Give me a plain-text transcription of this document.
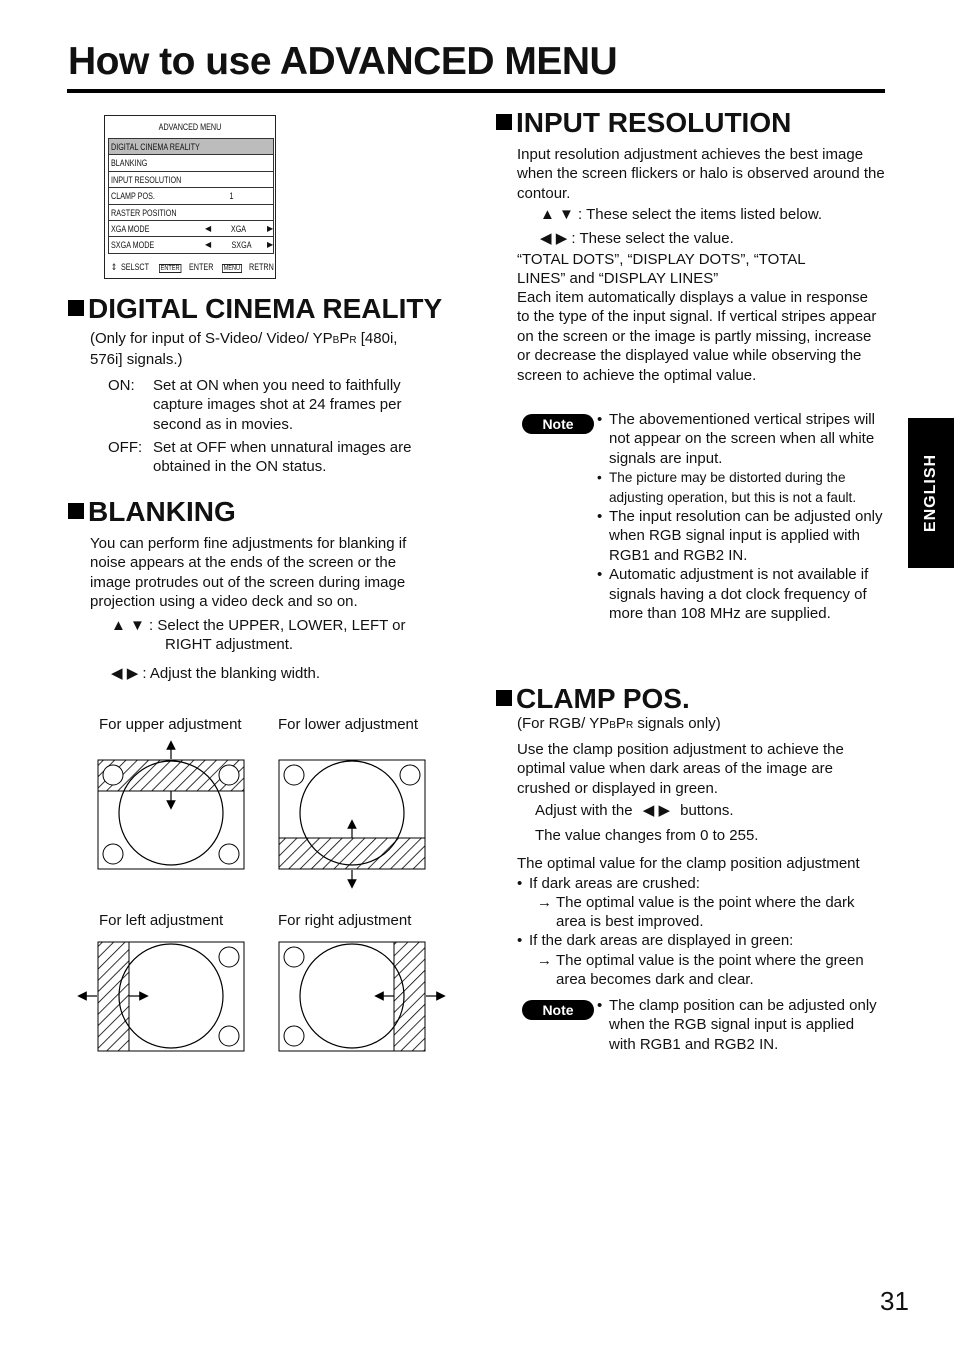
How to use ADVANCED MENU
ADVANCED MENU
DIGITAL CINEMA REALITY
BLANKING
INPUT RESOLUTION
CLAMP POS.	1
RASTER POSITION
XGA MODE	◀ XGA	▶
SXGA MODE	◀ SXGA ▶
⇕ SELSCT ENTER ENTER MENU RETRN
DIGITAL CINEMA REALITY

(Only for input of S-Video/ Video/ YPBPR [480i,

576i] signals.)

ON: Set at ON when you need to faithfully capture images shot at 24 frames per second as in movies.

OFF: Set at OFF when unnatural images are obtained in the ON status.

BLANKING
You can perform fine adjustments for blanking if noise appears at the ends of the screen or the image protrudes out of the screen during image projection using a video deck and so on.
▲ ▼ : Select the UPPER, LOWER, LEFT or

RIGHT adjustment.

◀ ▶ : Adjust the blanking width.
For upper adjustment For lower adjustment
For left adjustment	For right adjustment
INPUT RESOLUTION
Input resolution adjustment achieves the best image when the screen flickers or halo is observed around the contour.
▲ ▼ : These select the items listed below.
◀ ▶ : These select the value.
“TOTAL DOTS”, “DISPLAY DOTS”, “TOTAL LINES” and “DISPLAY LINES”
Each item automatically displays a value in response to the type of the input signal. If vertical stripes appear on the screen or the image is partly missing, increase or decrease the displayed value while observing the screen to achieve the optimal value.
Note	• The abovementioned vertical stripes will not appear on the screen when all white signals are input.

• The picture may be distorted during the adjusting operation, but this is not a fault.

• The input resolution can be adjusted only when RGB signal input is applied with RGB1 and RGB2 IN.

• Automatic adjustment is not available if signals having a dot clock frequency of more than 108 MHz are supplied.

CLAMP POS.
(For RGB/ YPBPR signals only)
Use the clamp position adjustment to achieve the optimal value when dark areas of the image are crushed or displayed in green.
Adjust with the ◀ ▶ buttons.
The value changes from 0 to 255.
The optimal value for the clamp position adjustment

• If dark areas are crushed:

→ The optimal value is the point where the dark area is best improved.

• If the dark areas are displayed in green:

→ The optimal value is the point where the green area becomes dark and clear.

Note	• The clamp position can be adjusted only when the RGB signal input is applied with RGB1 and RGB2 IN.

ENGLISH
31
